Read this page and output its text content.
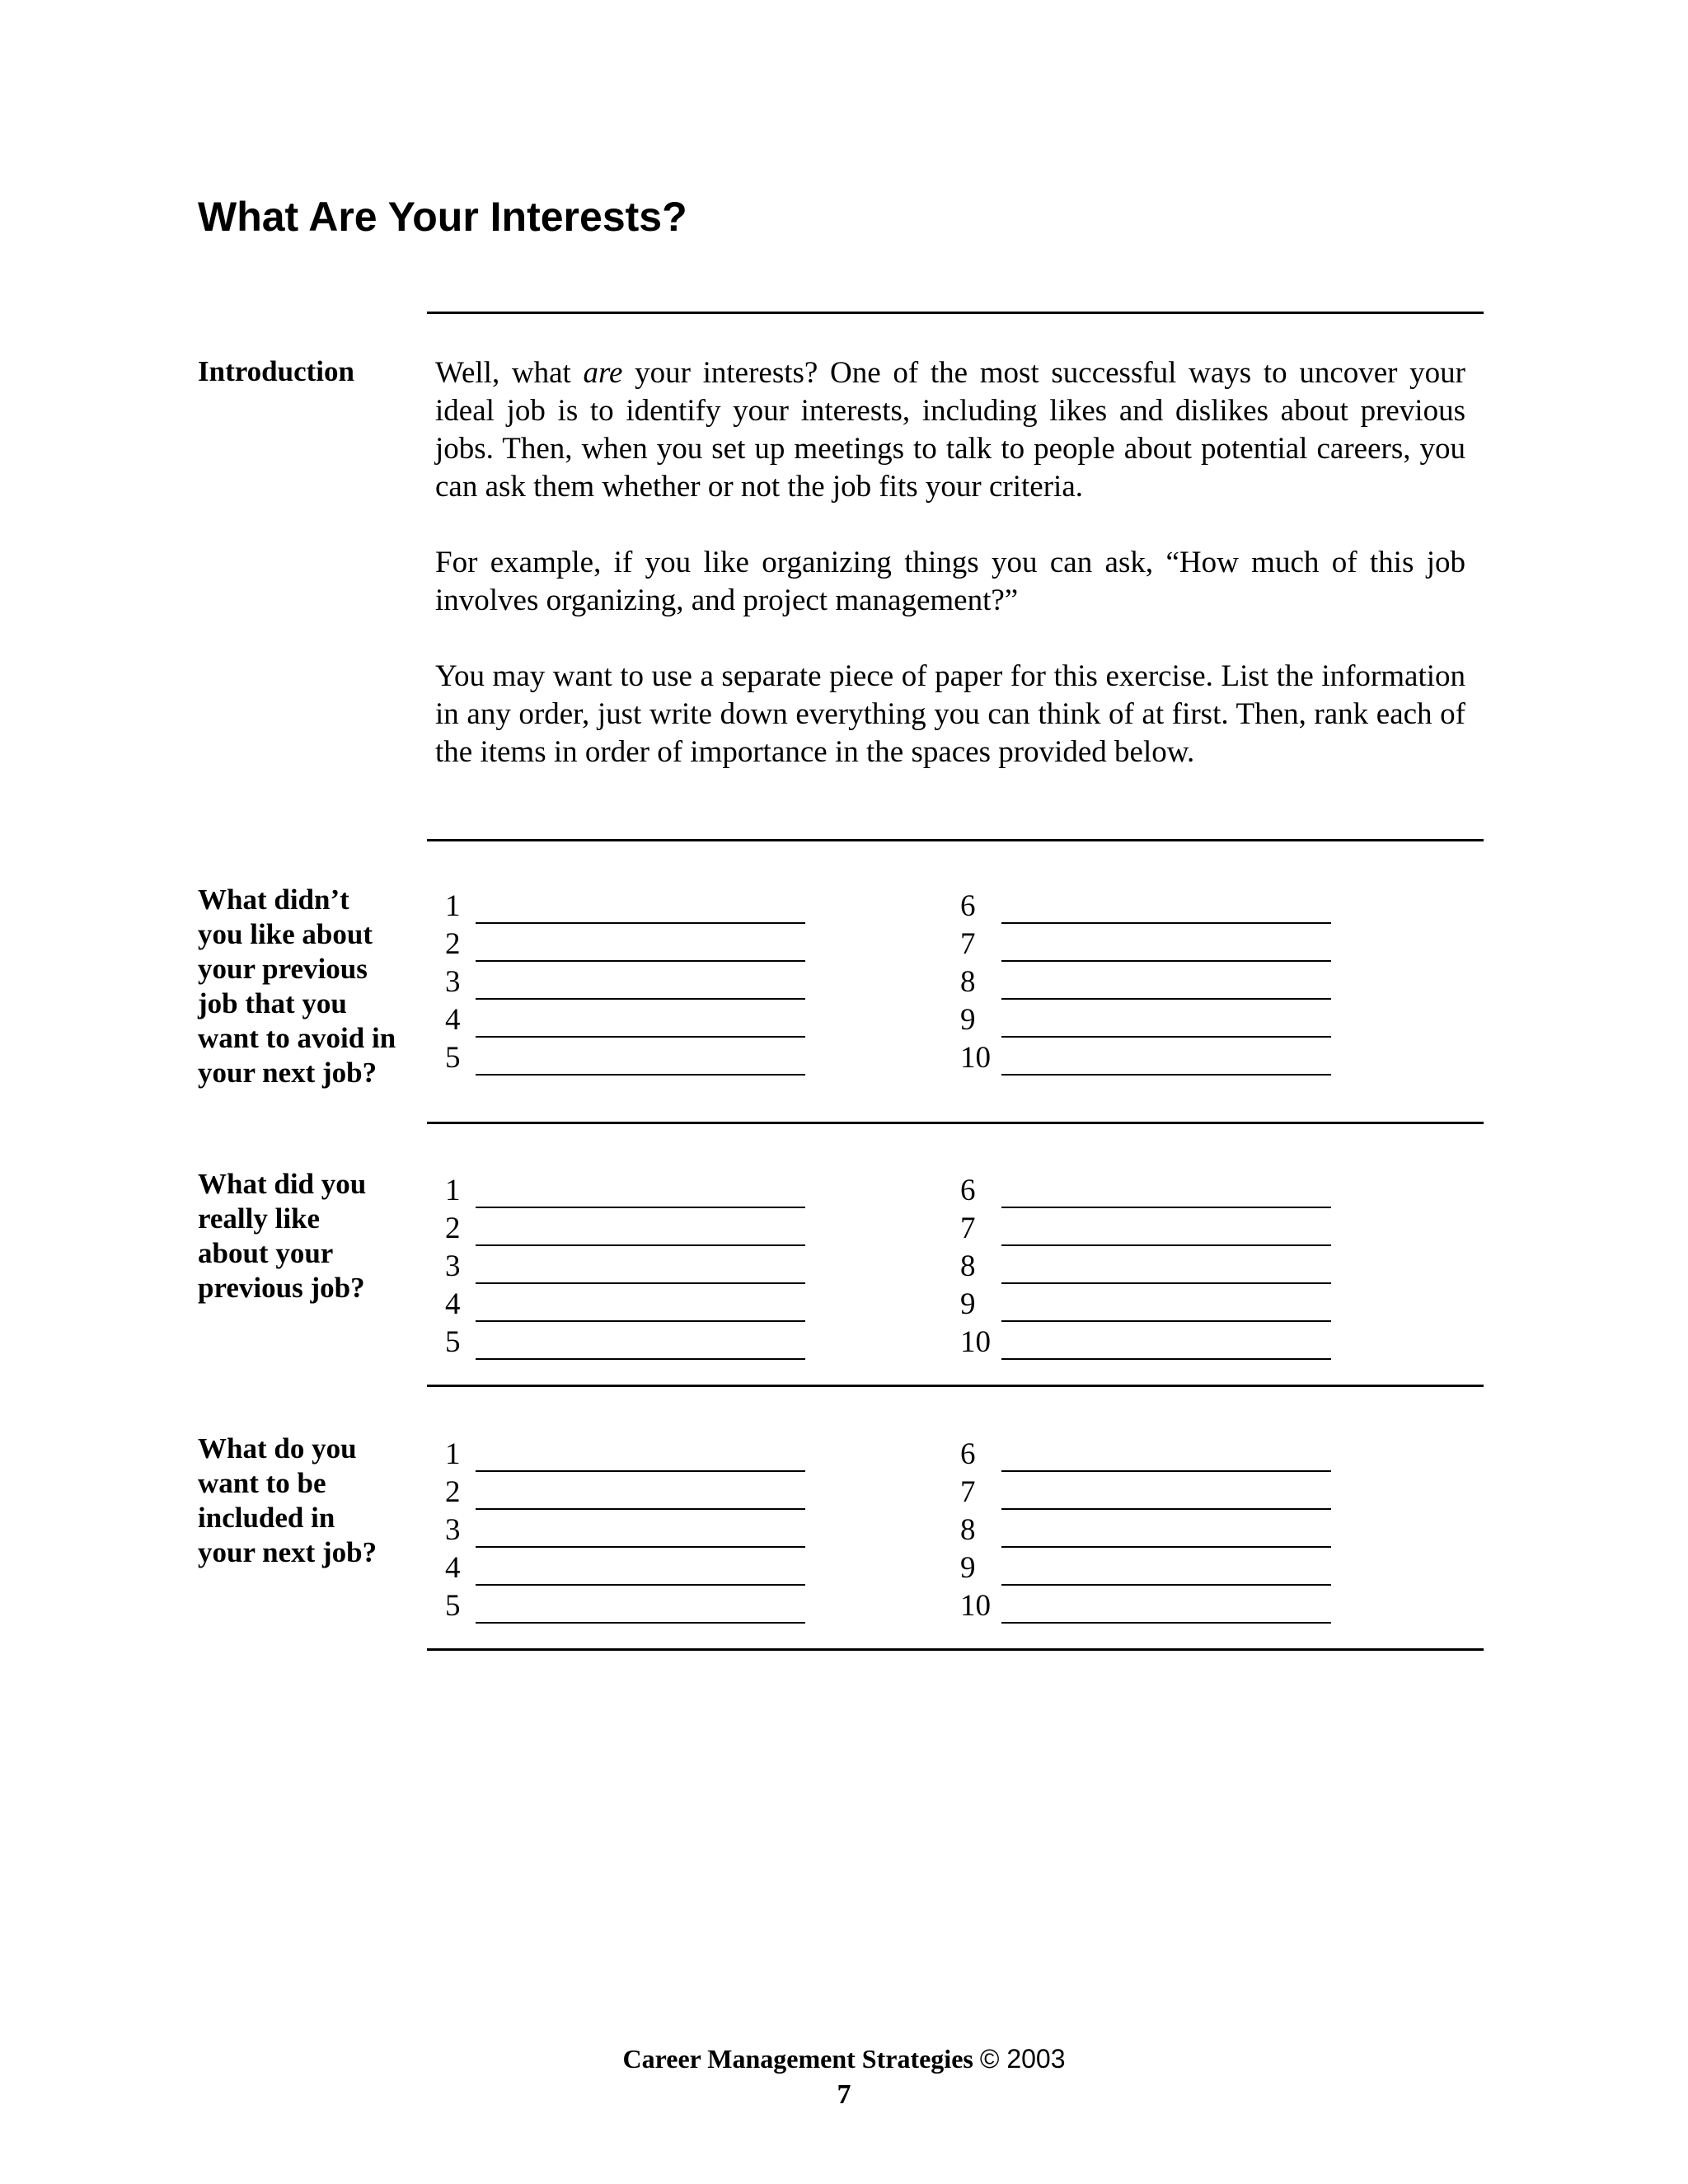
What Are Your Interests?

Introduction	Well, what are your interests? One of the most successful ways to uncover your ideal job is to identify your interests, including likes and dislikes about previous jobs. Then, when you set up meetings to talk to people about potential careers, you can ask them whether or not the job fits your criteria.

For example, if you like organizing things you can ask, “How much of this job involves organizing, and project management?”

You may want to use a separate piece of paper for this exercise. List the information in any order, just write down everything you can think of at first. Then, rank each of the items in order of importance in the spaces provided below.

What didn’t
you like about
your previous
job that you
want to avoid in
your next job?
1
2
3
4
5
6
7
8
9
10
What did you
really like
about your
previous job?
1
2
3
4
5
6
7
8
9
10
What do you
want to be
included in
your next job?
1
2
3
4
5
6
7
8
9
10
Career Management Strategies © 2003
7
